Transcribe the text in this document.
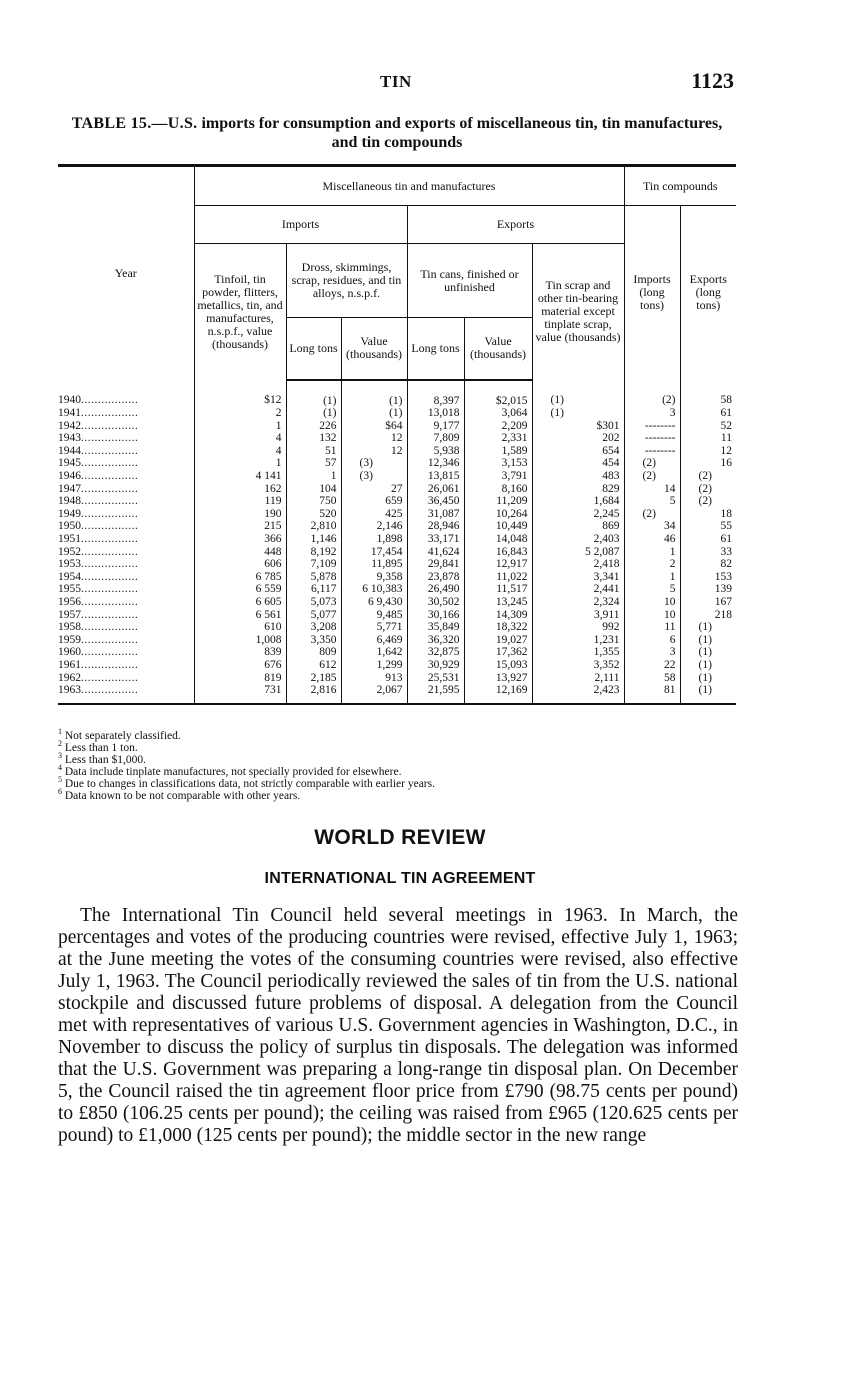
TIN	1123
TABLE 15.—U.S. imports for consumption and exports of miscellaneous tin, tin manufactures, and tin compounds
Year	Miscellaneous tin and manufactures						Tin compounds	
	Imports			Exports			Imports (long tons)	Exports (long tons)
	Tinfoil, tin powder, flitters, metallics, tin, and manufactures, n.s.p.f., value (thousands)	Dross, skimmings, scrap, residues, and tin alloys, n.s.p.f.		Tin cans, finished or unfinished		Tin scrap and other tin-bearing material except tinplate scrap, value (thousands)		
		Long tons	Value (thousands)	Long tons	Value (thousands)			
1940.................	$12	(1)	(1)	8,397	$2,015	(1)	(2)	58
1941.................	2	(1)	(1)	13,018	3,064	(1)	3	61
1942.................	1	226	$64	9,177	2,209	$301	--------	52
1943.................	4	132	12	7,809	2,331	202	--------	11
1944.................	4	51	12	5,938	1,589	654	--------	12
1945.................	1	57	(3)	12,346	3,153	454	(2)	16
1946.................	4 141	1	(3)	13,815	3,791	483	(2)	(2)
1947.................	162	104	27	26,061	8,160	829	14	(2)
1948.................	119	750	659	36,450	11,209	1,684	5	(2)
1949.................	190	520	425	31,087	10,264	2,245	(2)	18
1950.................	215	2,810	2,146	28,946	10,449	869	34	55
1951.................	366	1,146	1,898	33,171	14,048	2,403	46	61
1952.................	448	8,192	17,454	41,624	16,843	5 2,087	1	33
1953.................	606	7,109	11,895	29,841	12,917	2,418	2	82
1954.................	6 785	5,878	9,358	23,878	11,022	3,341	1	153
1955.................	6 559	6,117	6 10,383	26,490	11,517	2,441	5	139
1956.................	6 605	5,073	6 9,430	30,502	13,245	2,324	10	167
1957.................	6 561	5,077	9,485	30,166	14,309	3,911	10	218
1958.................	610	3,208	5,771	35,849	18,322	992	11	(1)
1959.................	1,008	3,350	6,469	36,320	19,027	1,231	6	(1)
1960.................	839	809	1,642	32,875	17,362	1,355	3	(1)
1961.................	676	612	1,299	30,929	15,093	3,352	22	(1)
1962.................	819	2,185	913	25,531	13,927	2,111	58	(1)
1963.................	731	2,816	2,067	21,595	12,169	2,423	81	(1)

$^1$ Not separately classified.

$^2$ Less than 1 ton.

$^3$ Less than $1,000.

$^4$ Data include tinplate manufactures, not specially provided for elsewhere.

$^5$ Due to changes in classifications data, not strictly comparable with earlier years.

$^6$ Data known to be not comparable with other years.

WORLD REVIEW
INTERNATIONAL TIN AGREEMENT

The International Tin Council held several meetings in 1963. In March, the percentages and votes of the producing countries were revised, effective July 1, 1963; at the June meeting the votes of the consuming countries were revised, also effective July 1, 1963. The Council periodically reviewed the sales of tin from the U.S. national stockpile and discussed future problems of disposal. A delegation from the Council met with representatives of various U.S. Government agencies in Washington, D.C., in November to discuss the policy of surplus tin disposals. The delegation was informed that the U.S. Government was preparing a long-range tin disposal plan. On December 5, the Council raised the tin agreement floor price from £790 (98.75 cents per pound) to £850 (106.25 cents per pound); the ceiling was raised from £965 (120.625 cents per pound) to £1,000 (125 cents per pound); the middle sector in the new range
